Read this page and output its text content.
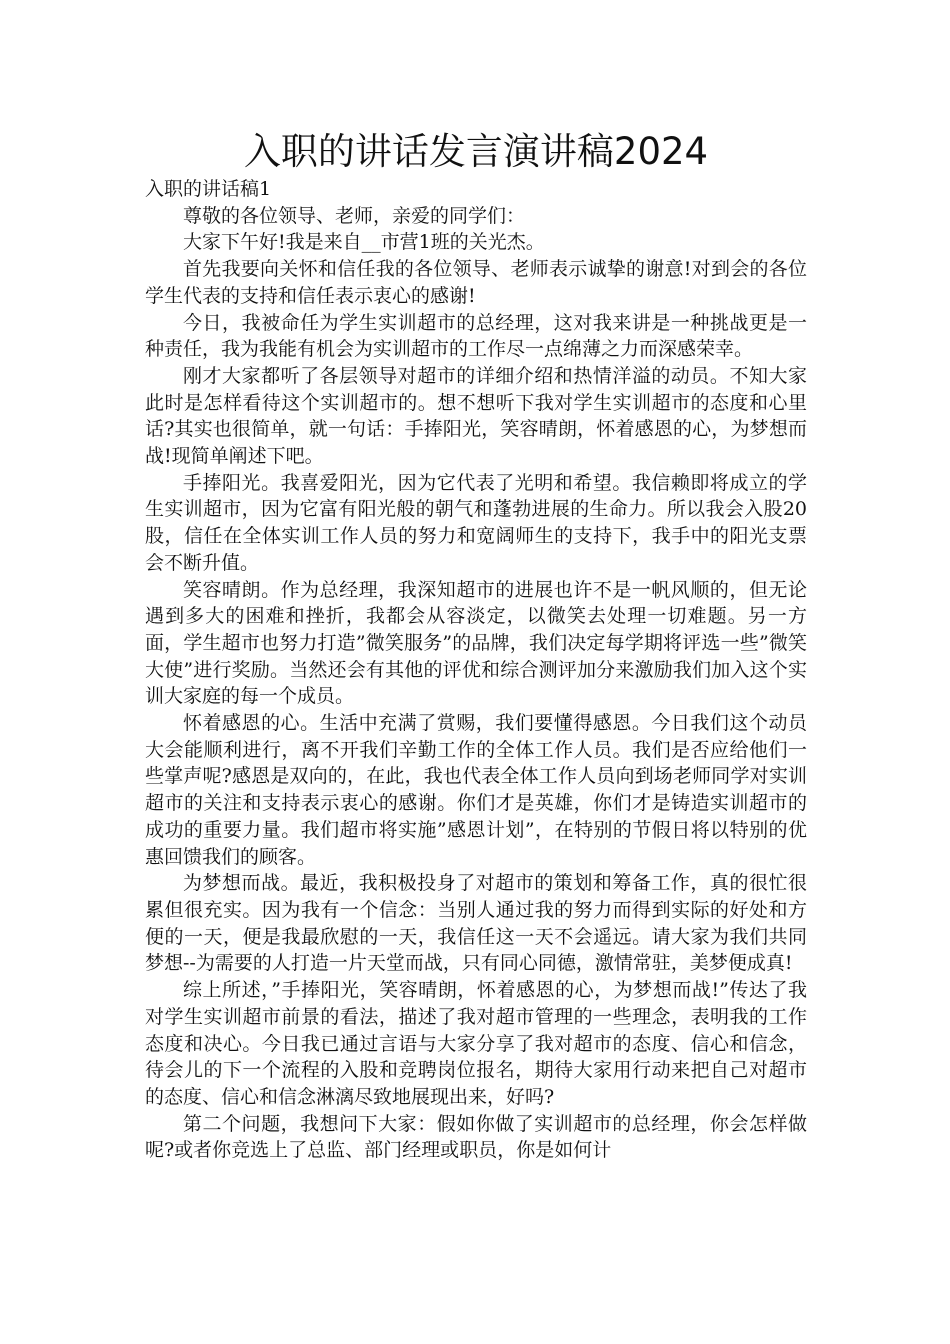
入职的讲话发言演讲稿2024

入职的讲话稿1

尊敬的各位领导、老师，亲爱的同学们：

大家下午好!我是来自__市营1班的关光杰。

首先我要向关怀和信任我的各位领导、老师表示诚挚的谢意!对到会的各位学生代表的支持和信任表示衷心的感谢!

今日，我被命任为学生实训超市的总经理，这对我来讲是一种挑战更是一种责任，我为我能有机会为实训超市的工作尽一点绵薄之力而深感荣幸。

刚才大家都听了各层领导对超市的详细介绍和热情洋溢的动员。不知大家此时是怎样看待这个实训超市的。想不想听下我对学生实训超市的态度和心里话?其实也很简单，就一句话：手捧阳光，笑容晴朗，怀着感恩的心，为梦想而战!现简单阐述下吧。

手捧阳光。我喜爱阳光，因为它代表了光明和希望。我信赖即将成立的学生实训超市，因为它富有阳光般的朝气和蓬勃进展的生命力。所以我会入股20股，信任在全体实训工作人员的努力和宽阔师生的支持下，我手中的阳光支票会不断升值。

笑容晴朗。作为总经理，我深知超市的进展也许不是一帆风顺的，但无论遇到多大的困难和挫折，我都会从容淡定，以微笑去处理一切难题。另一方面，学生超市也努力打造”微笑服务”的品牌，我们决定每学期将评选一些”微笑大使”进行奖励。当然还会有其他的评优和综合测评加分来激励我们加入这个实训大家庭的每一个成员。

怀着感恩的心。生活中充满了赏赐，我们要懂得感恩。今日我们这个动员大会能顺利进行，离不开我们辛勤工作的全体工作人员。我们是否应给他们一些掌声呢?感恩是双向的，在此，我也代表全体工作人员向到场老师同学对实训超市的关注和支持表示衷心的感谢。你们才是英雄，你们才是铸造实训超市的成功的重要力量。我们超市将实施”感恩计划”，在特别的节假日将以特别的优惠回馈我们的顾客。

为梦想而战。最近，我积极投身了对超市的策划和筹备工作，真的很忙很累但很充实。因为我有一个信念：当别人通过我的努力而得到实际的好处和方便的一天，便是我最欣慰的一天，我信任这一天不会遥远。请大家为我们共同梦想--为需要的人打造一片天堂而战，只有同心同德，激情常驻，美梦便成真!

综上所述，”手捧阳光，笑容晴朗，怀着感恩的心，为梦想而战!”传达了我对学生实训超市前景的看法，描述了我对超市管理的一些理念，表明我的工作态度和决心。今日我已通过言语与大家分享了我对超市的态度、信心和信念，待会儿的下一个流程的入股和竞聘岗位报名，期待大家用行动来把自己对超市的态度、信心和信念淋漓尽致地展现出来，好吗?

第二个问题，我想问下大家：假如你做了实训超市的总经理，你会怎样做呢?或者你竞选上了总监、部门经理或职员，你是如何计
